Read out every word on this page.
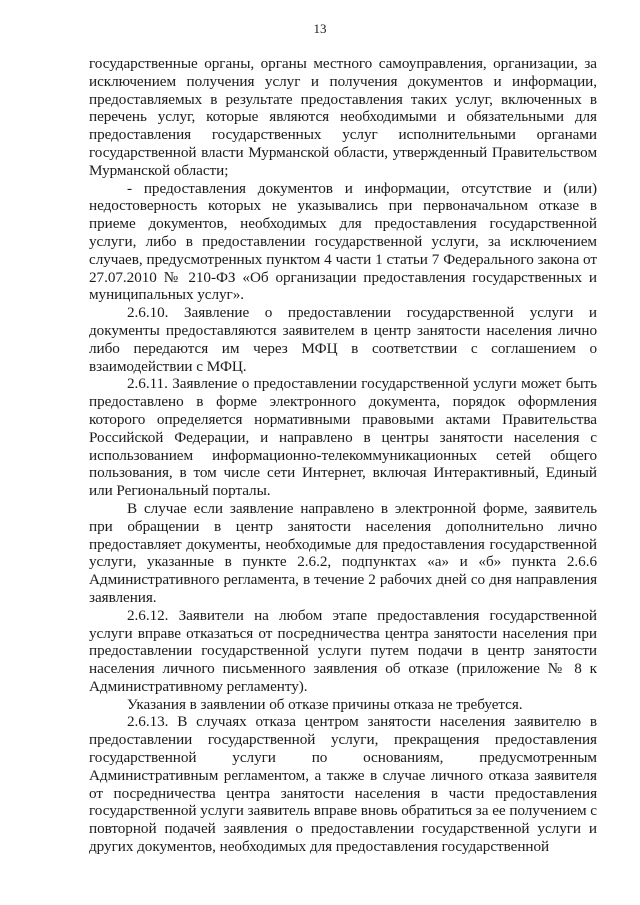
13

государственные органы, органы местного самоуправления, организации, за исключением получения услуг и получения документов и информации, предоставляемых в результате предоставления таких услуг, включенных в перечень услуг, которые являются необходимыми и обязательными для предоставления государственных услуг исполнительными органами государственной власти Мурманской области, утвержденный Правительством Мурманской области;

- предоставления документов и информации, отсутствие и (или) недостоверность которых не указывались при первоначальном отказе в приеме документов, необходимых для предоставления государственной услуги, либо в предоставлении государственной услуги, за исключением случаев, предусмотренных пунктом 4 части 1 статьи 7 Федерального закона от 27.07.2010 № 210-ФЗ «Об организации предоставления государственных и муниципальных услуг».

2.6.10. Заявление о предоставлении государственной услуги и документы предоставляются заявителем в центр занятости населения лично либо передаются им через МФЦ в соответствии с соглашением о взаимодействии с МФЦ.

2.6.11. Заявление о предоставлении государственной услуги может быть предоставлено в форме электронного документа, порядок оформления которого определяется нормативными правовыми актами Правительства Российской Федерации, и направлено в центры занятости населения с использованием информационно-телекоммуникационных сетей общего пользования, в том числе сети Интернет, включая Интерактивный, Единый или Региональный порталы.

В случае если заявление направлено в электронной форме, заявитель при обращении в центр занятости населения дополнительно лично предоставляет документы, необходимые для предоставления государственной услуги, указанные в пункте 2.6.2, подпунктах «а» и «б» пункта 2.6.6 Административного регламента, в течение 2 рабочих дней со дня направления заявления.

2.6.12. Заявители на любом этапе предоставления государственной услуги вправе отказаться от посредничества центра занятости населения при предоставлении государственной услуги путем подачи в центр занятости населения личного письменного заявления об отказе (приложение № 8 к Административному регламенту).

Указания в заявлении об отказе причины отказа не требуется.

2.6.13. В случаях отказа центром занятости населения заявителю в предоставлении государственной услуги, прекращения предоставления государственной услуги по основаниям, предусмотренным Административным регламентом, а также в случае личного отказа заявителя от посредничества центра занятости населения в части предоставления государственной услуги заявитель вправе вновь обратиться за ее получением с повторной подачей заявления о предоставлении государственной услуги и других документов, необходимых для предоставления государственной
